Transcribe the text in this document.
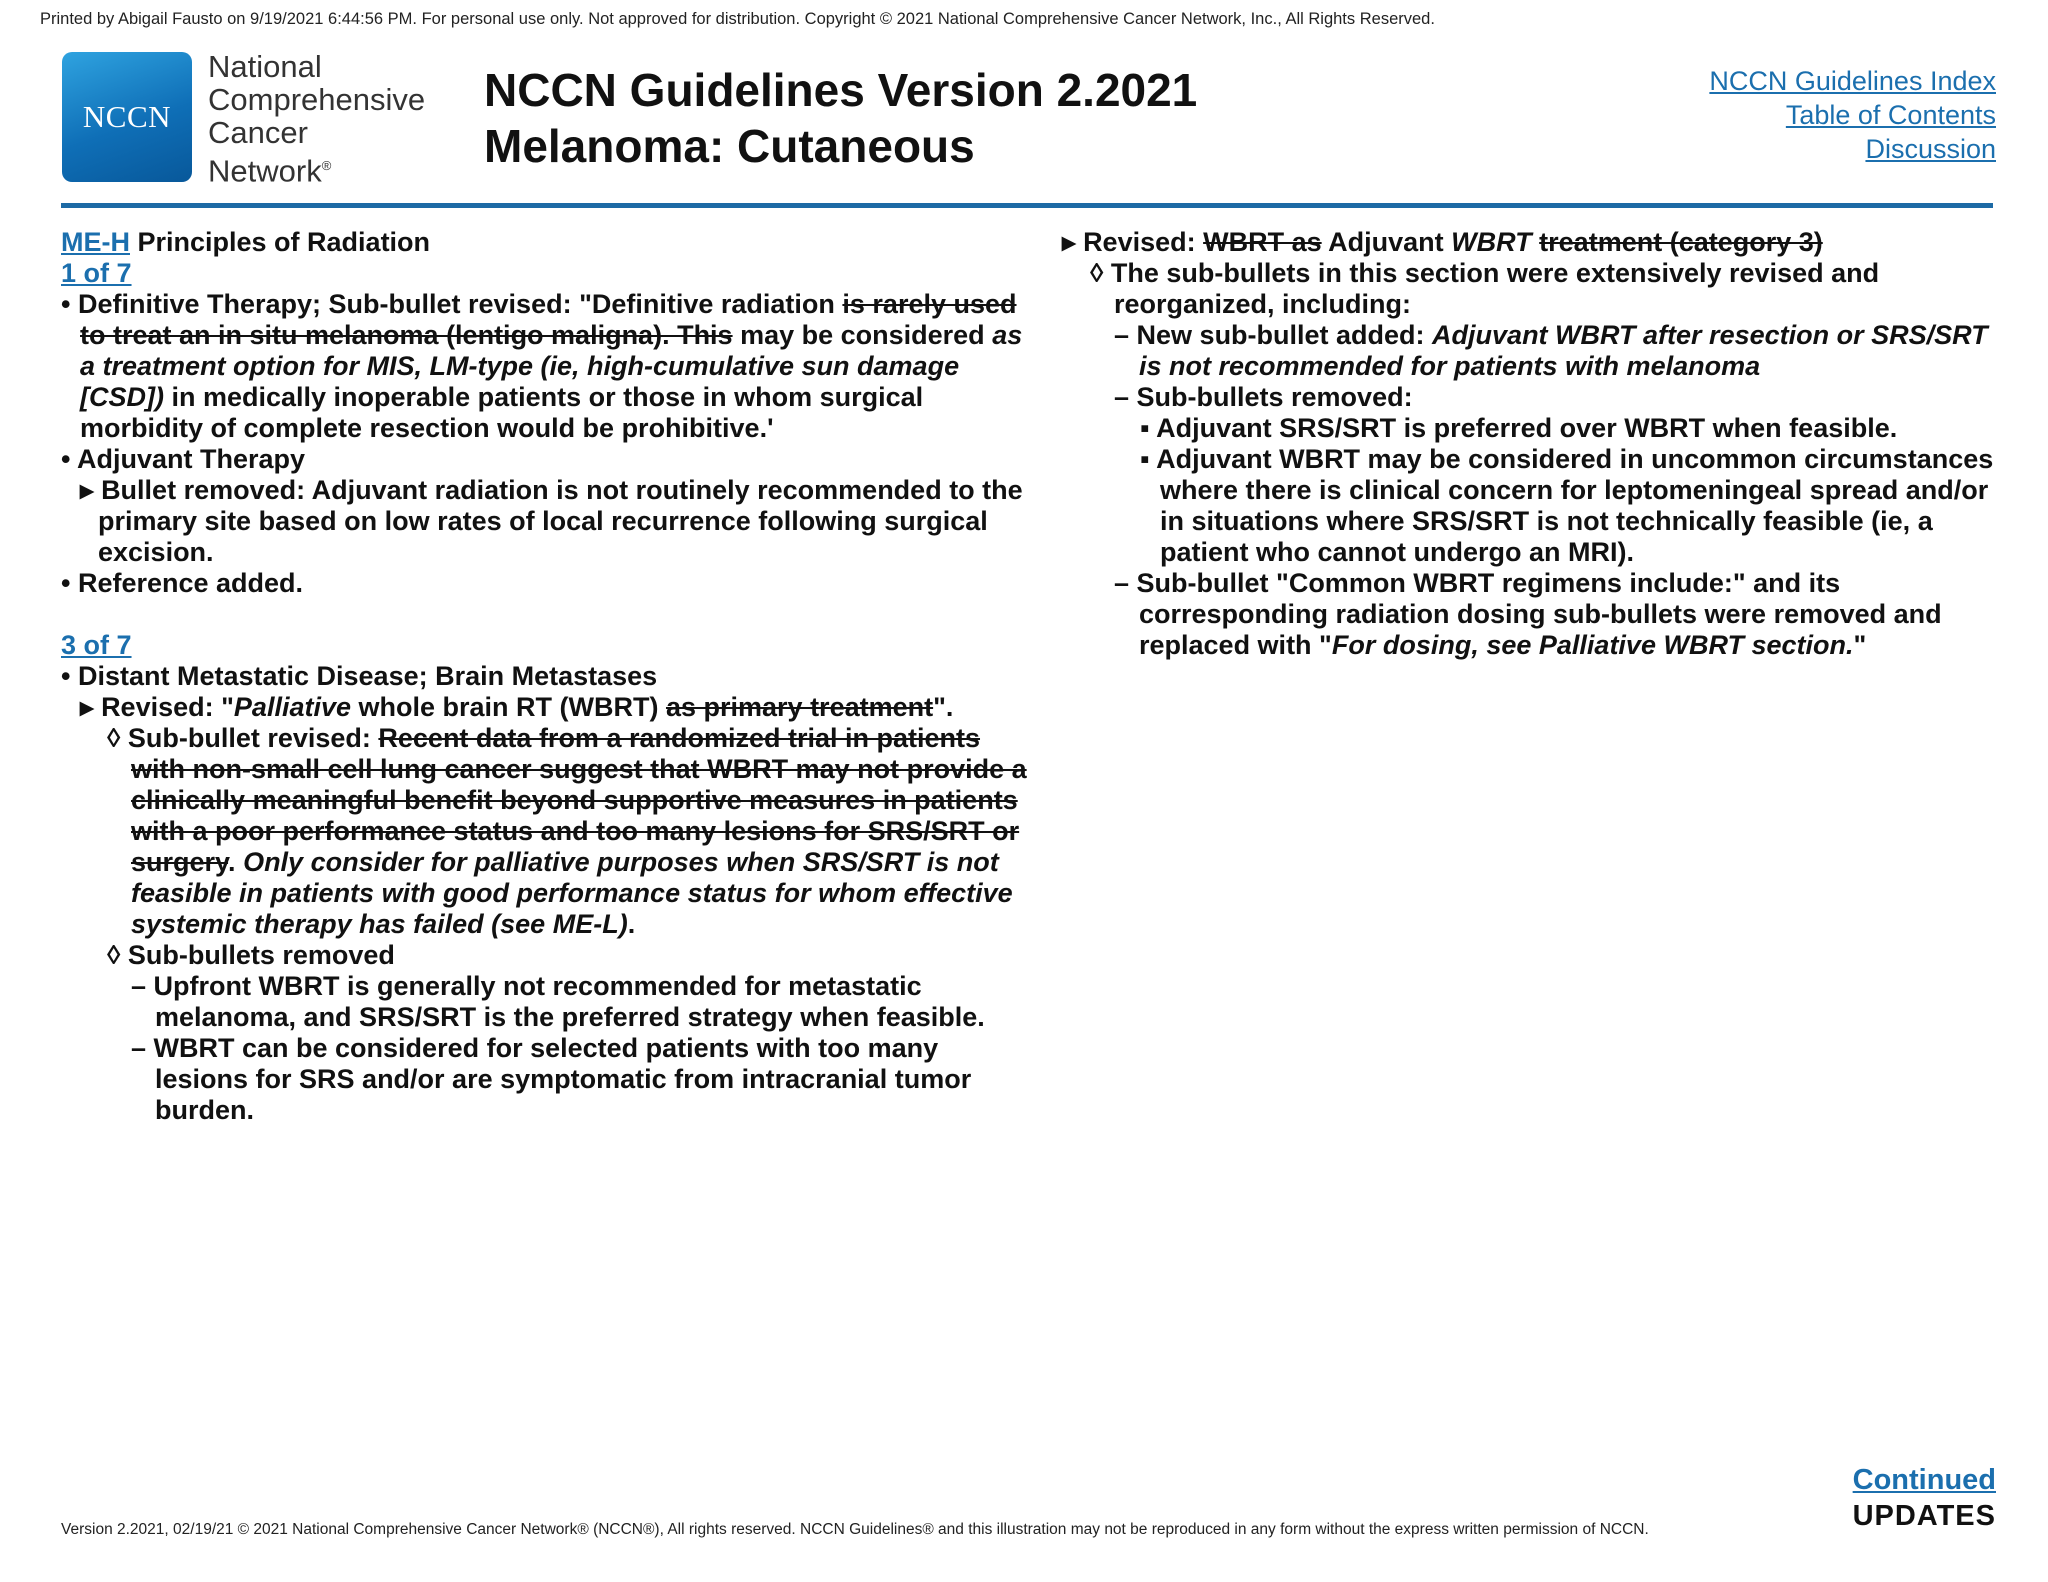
Printed by Abigail Fausto on 9/19/2021 6:44:56 PM. For personal use only. Not approved for distribution. Copyright © 2021 National Comprehensive Cancer Network, Inc., All Rights Reserved.
NCCN
National
Comprehensive
Cancer
Network®
NCCN Guidelines Version 2.2021
Melanoma: Cutaneous
NCCN Guidelines Index
Table of Contents
Discussion

ME-H Principles of Radiation

1 of 7

• Definitive Therapy; Sub-bullet revised: "Definitive radiation is rarely used to treat an in situ melanoma (lentigo maligna). This may be considered as a treatment option for MIS, LM-type (ie, high-cumulative sun damage [CSD]) in medically inoperable patients or those in whom surgical morbidity of complete resection would be prohibitive.'

• Adjuvant Therapy

▸ Bullet removed: Adjuvant radiation is not routinely recommended to the primary site based on low rates of local recurrence following surgical excision.

• Reference added.

3 of 7

• Distant Metastatic Disease; Brain Metastases

▸ Revised: "Palliative whole brain RT (WBRT) as primary treatment".

◊ Sub-bullet revised: Recent data from a randomized trial in patients with non-small cell lung cancer suggest that WBRT may not provide a clinically meaningful benefit beyond supportive measures in patients with a poor performance status and too many lesions for SRS/SRT or surgery. Only consider for palliative purposes when SRS/SRT is not feasible in patients with good performance status for whom effective systemic therapy has failed (see ME-L).

◊ Sub-bullets removed

– Upfront WBRT is generally not recommended for metastatic melanoma, and SRS/SRT is the preferred strategy when feasible.

– WBRT can be considered for selected patients with too many lesions for SRS and/or are symptomatic from intracranial tumor burden.

▸ Revised: WBRT as Adjuvant WBRT treatment (category 3)

◊ The sub-bullets in this section were extensively revised and reorganized, including:

– New sub-bullet added: Adjuvant WBRT after resection or SRS/SRT is not recommended for patients with melanoma

– Sub-bullets removed:

▪ Adjuvant SRS/SRT is preferred over WBRT when feasible.

▪ Adjuvant WBRT may be considered in uncommon circumstances where there is clinical concern for leptomeningeal spread and/or in situations where SRS/SRT is not technically feasible (ie, a patient who cannot undergo an MRI).

– Sub-bullet "Common WBRT regimens include:" and its corresponding radiation dosing sub-bullets were removed and replaced with "For dosing, see Palliative WBRT section."

Continued
UPDATES
Version 2.2021, 02/19/21 © 2021 National Comprehensive Cancer Network® (NCCN®), All rights reserved. NCCN Guidelines® and this illustration may not be reproduced in any form without the express written permission of NCCN.
